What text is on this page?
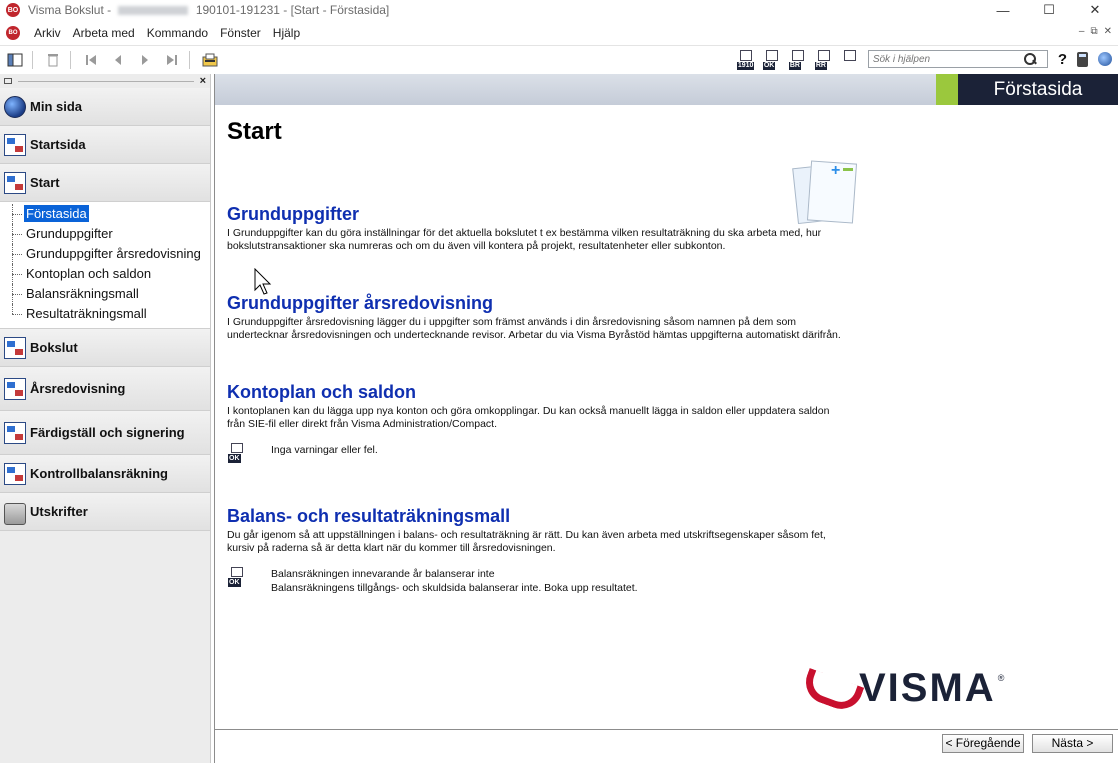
BO Visma Bokslut -	190101-191231 - [Start - Förstasida]	—	☐	✕
BO	Arkiv	Arbeta med	Kommando	Fönster	Hjälp	– ⧉ ✕
1910 OK BR RR
Sök i hjälpen	?
×
Min sida
Startsida
Start
Förstasida
Grunduppgifter
Grunduppgifter årsredovisning
Kontoplan och saldon
Balansräkningsmall
Resultaträkningsmall
Bokslut
Årsredovisning
Färdigställ och signering
Kontrollbalansräkning
Utskrifter
Förstasida
Start
+
Grunduppgifter

I Grunduppgifter kan du göra inställningar för det aktuella bokslutet t ex bestämma vilken resultaträkning du ska arbeta med, hur
bokslutstransaktioner ska numreras och om du även vill kontera på projekt, resultatenheter eller subkonton.

Grunduppgifter årsredovisning

I Grunduppgifter årsredovisning lägger du i uppgifter som främst används i din årsredovisning såsom namnen på dem som
undertecknar årsredovisningen och undertecknande revisor. Arbetar du via Visma Byråstöd hämtas uppgifterna automatiskt därifrån.

Kontoplan och saldon

I kontoplanen kan du lägga upp nya konton och göra omkopplingar. Du kan också manuellt lägga in saldon eller uppdatera saldon
från SIE-fil eller direkt från Visma Administration/Compact.

OK
Inga varningar eller fel.
Balans- och resultaträkningsmall

Du går igenom så att uppställningen i balans- och resultaträkning är rätt. Du kan även arbeta med utskriftsegenskaper såsom fet,
kursiv på raderna så är detta klart när du kommer till årsredovisningen.

OK
Balansräkningen innevarande år balanserar inte
Balansräkningens tillgångs- och skuldsida balanserar inte. Boka upp resultatet.
VISMA ®
< Föregående	Nästa >
